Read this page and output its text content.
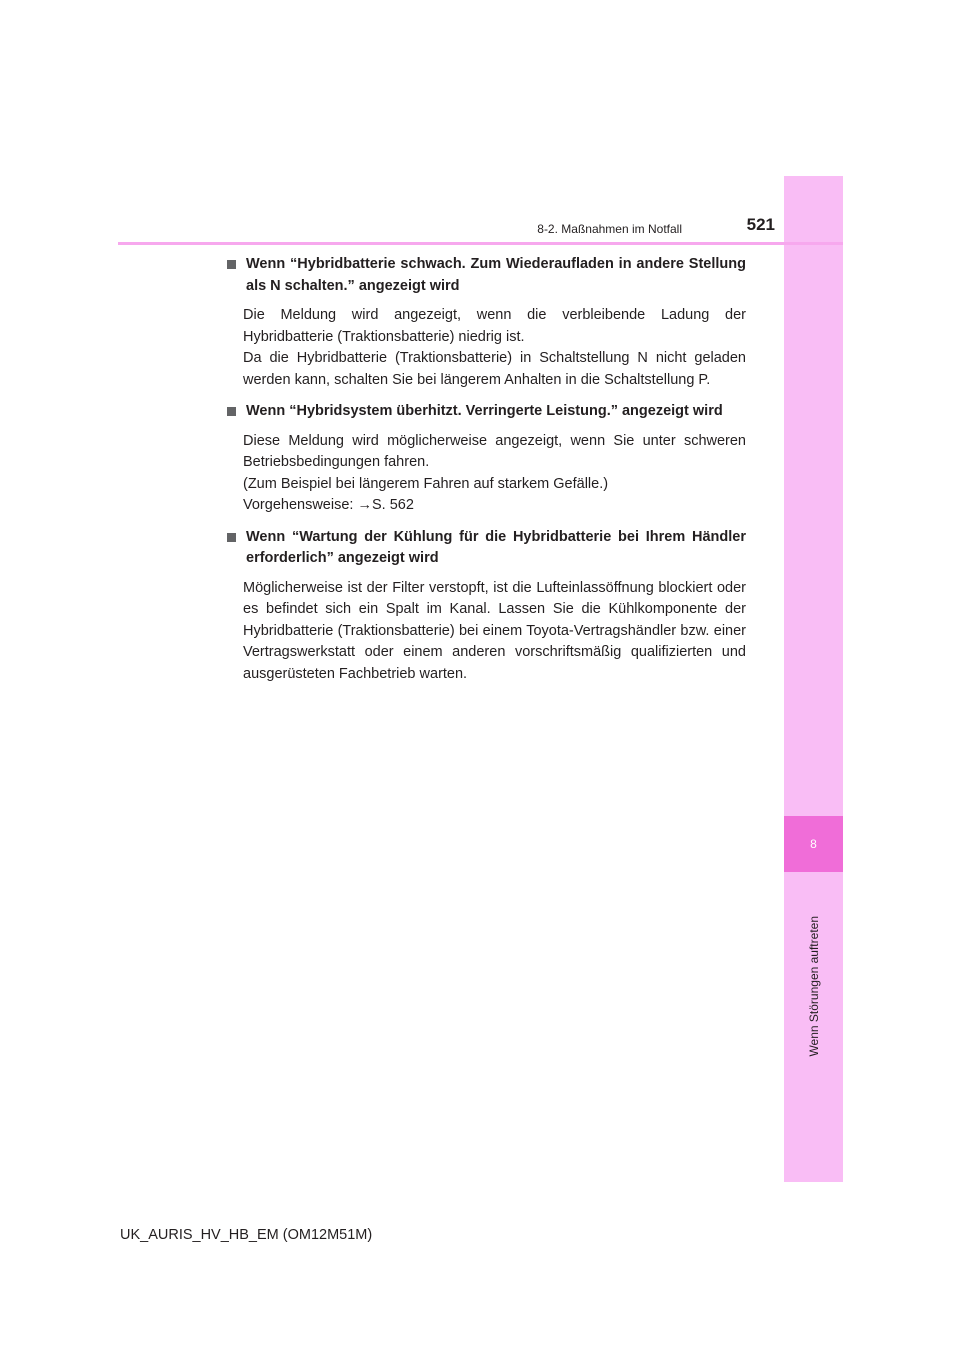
8
Wenn Störungen auftreten
8-2. Maßnahmen im Notfall	521

Wenn “Hybridbatterie schwach. Zum Wiederaufladen in andere Stellung als N schalten.” angezeigt wird

Die Meldung wird angezeigt, wenn die verbleibende Ladung der Hybridbatterie (Traktionsbatterie) niedrig ist.
Da die Hybridbatterie (Traktionsbatterie) in Schaltstellung N nicht geladen werden kann, schalten Sie bei längerem Anhalten in die Schaltstellung P.

Wenn “Hybridsystem überhitzt. Verringerte Leistung.” angezeigt wird

Diese Meldung wird möglicherweise angezeigt, wenn Sie unter schweren Betriebsbedingungen fahren.
(Zum Beispiel bei längerem Fahren auf starkem Gefälle.)
Vorgehensweise: →S. 562

Wenn “Wartung der Kühlung für die Hybridbatterie bei Ihrem Händler erforderlich” angezeigt wird

Möglicherweise ist der Filter verstopft, ist die Lufteinlassöffnung blockiert oder es befindet sich ein Spalt im Kanal. Lassen Sie die Kühlkomponente der Hybridbatterie (Traktionsbatterie) bei einem Toyota-Vertragshändler bzw. einer Vertragswerkstatt oder einem anderen vorschriftsmäßig qualifizierten und ausgerüsteten Fachbetrieb warten.

UK_AURIS_HV_HB_EM (OM12M51M)
